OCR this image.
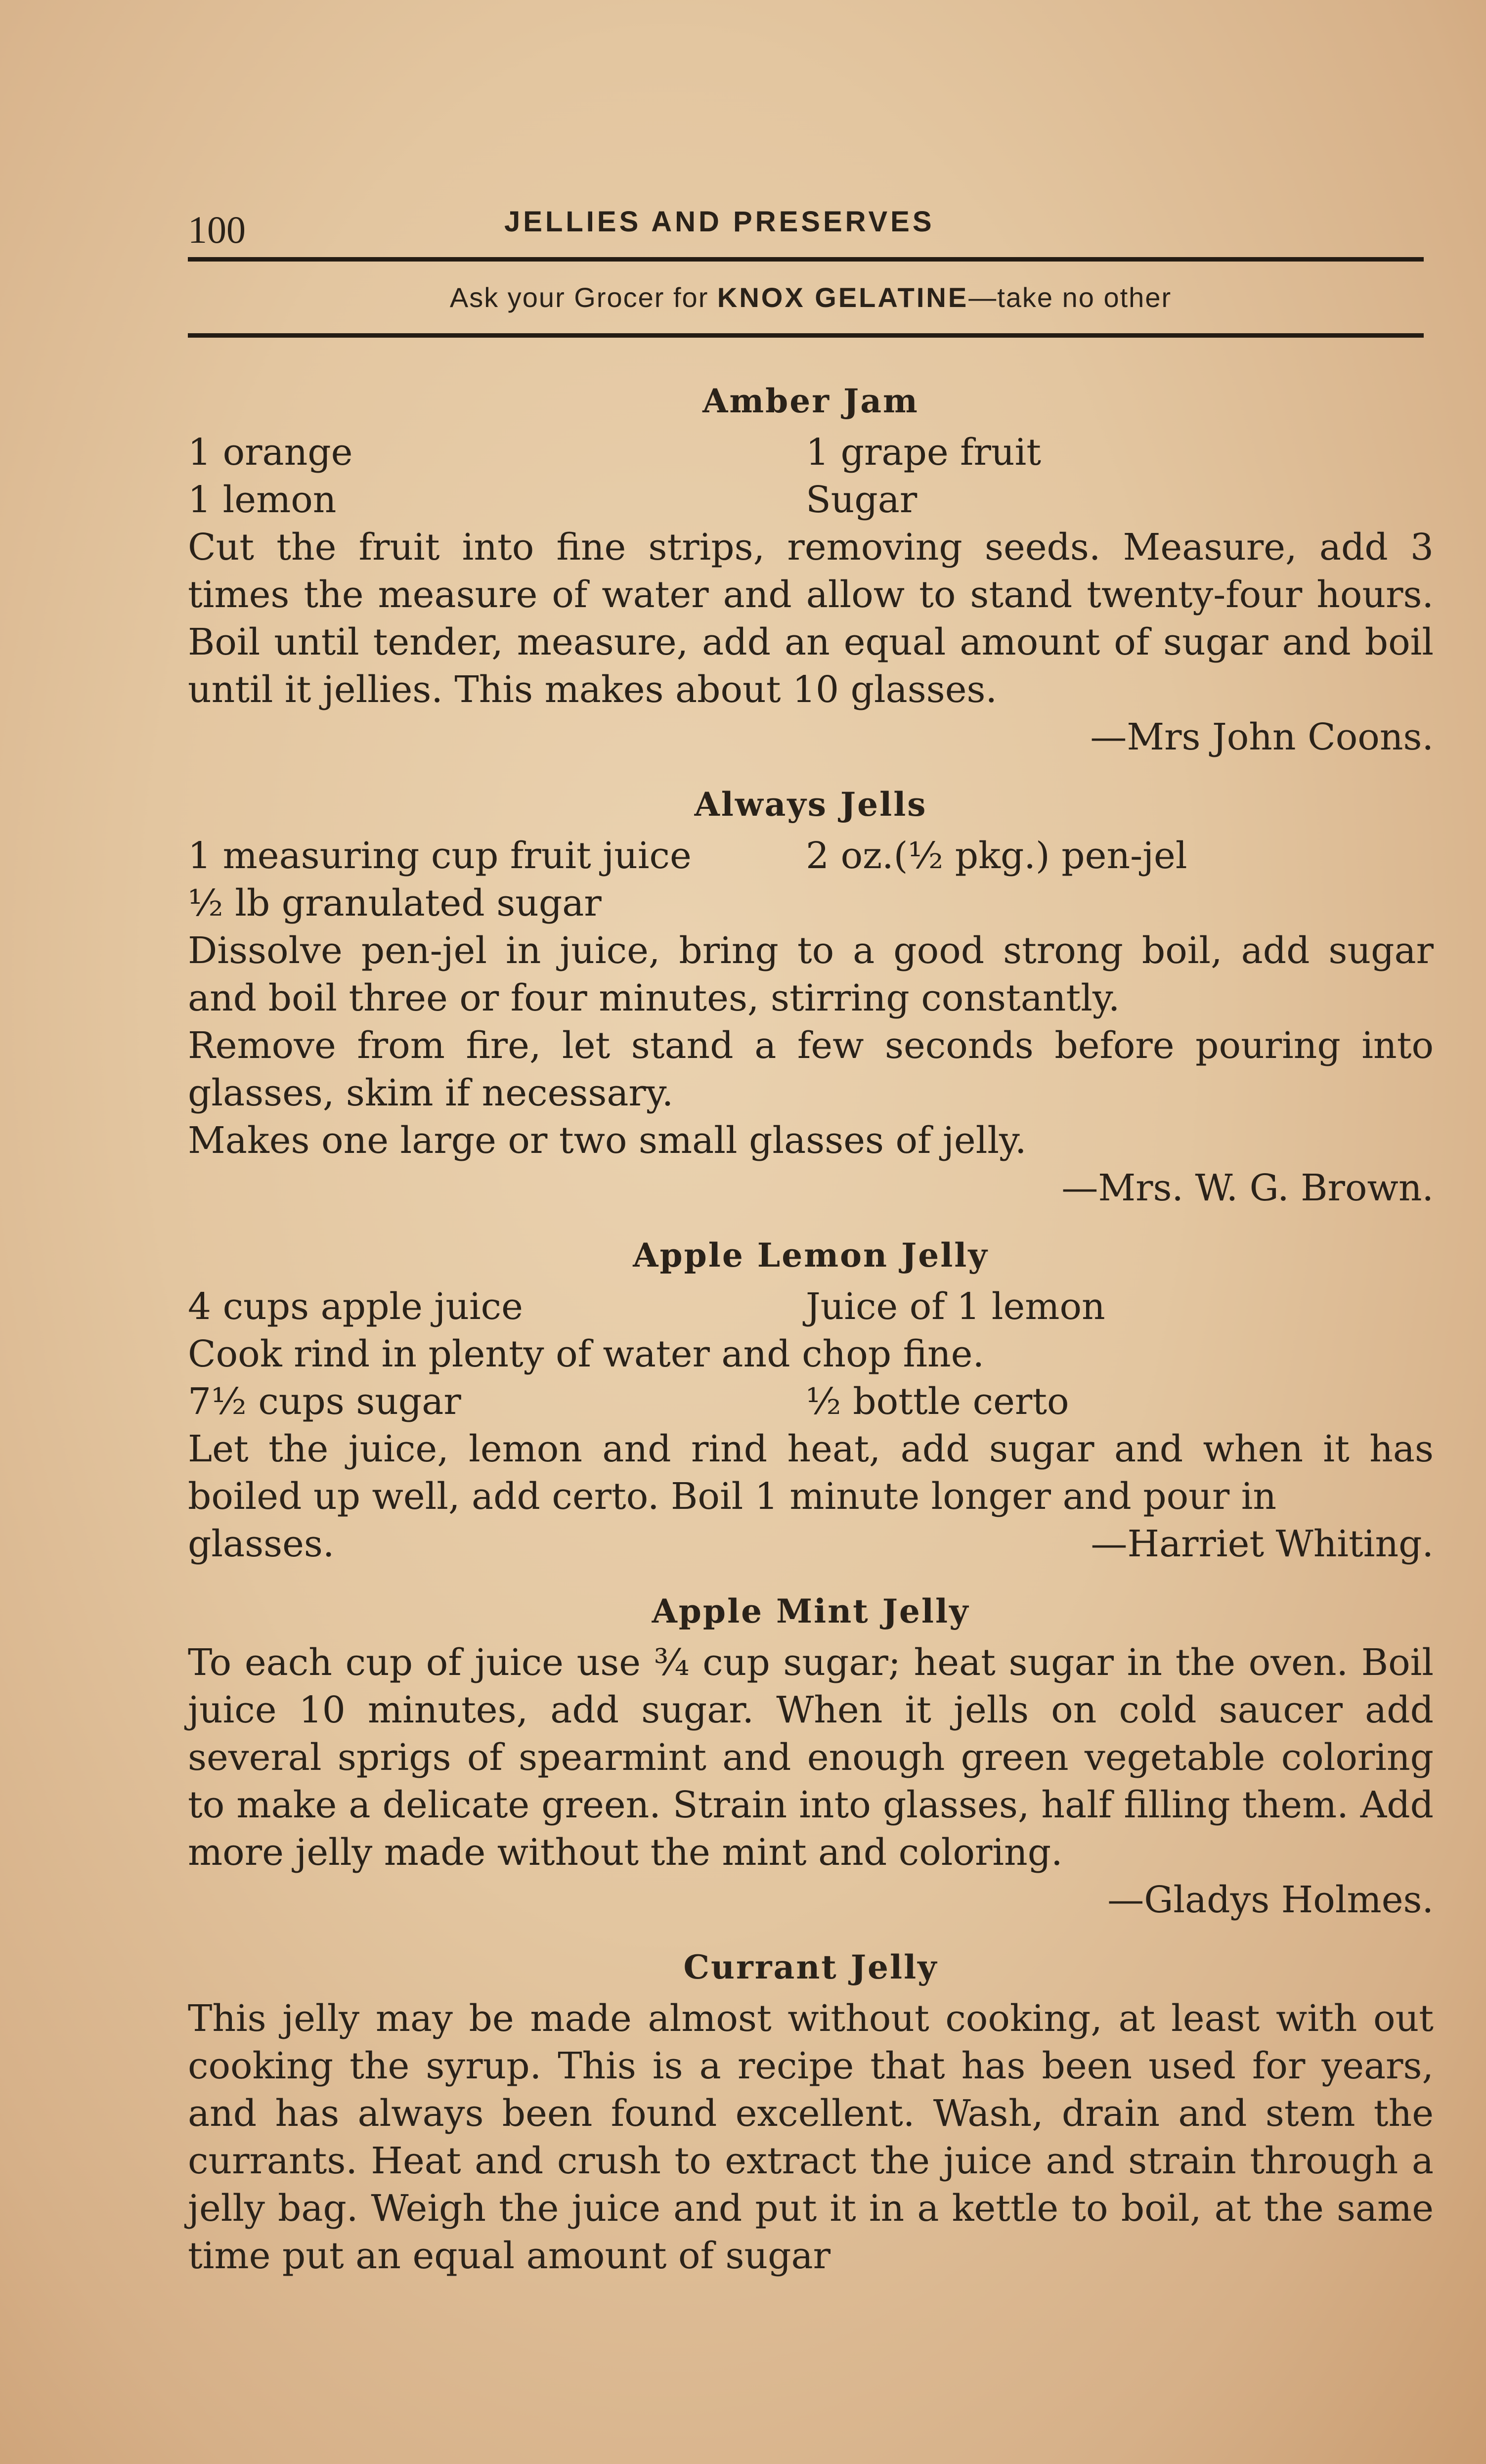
100	JELLIES AND PRESERVES
Ask your Grocer for KNOX GELATINE—take no other
Amber Jam
1 orange	1 grape fruit
1 lemon	Sugar

Cut the fruit into fine strips, removing seeds. Measure, add 3 times the measure of water and allow to stand twenty-four hours. Boil until tender, measure, add an equal amount of sugar and boil until it jellies. This makes about 10 glasses.

—Mrs John Coons.

Always Jells
1 measuring cup fruit juice	2 oz.(½ pkg.) pen-jel
½ lb granulated sugar

Dissolve pen-jel in juice, bring to a good strong boil, add sugar and boil three or four minutes, stirring constantly.

Remove from fire, let stand a few seconds before pouring into glasses, skim if necessary.

Makes one large or two small glasses of jelly.

—Mrs. W. G. Brown.

Apple Lemon Jelly
4 cups apple juice	Juice of 1 lemon

Cook rind in plenty of water and chop fine.

7½ cups sugar	½ bottle certo

Let the juice, lemon and rind heat, add sugar and when it has boiled up well, add certo. Boil 1 minute longer and pour in

glasses.	—Harriet Whiting.
Apple Mint Jelly

To each cup of juice use ¾ cup sugar; heat sugar in the oven. Boil juice 10 minutes, add sugar. When it jells on cold saucer add several sprigs of spearmint and enough green vegetable coloring to make a delicate green. Strain into glasses, half filling them. Add more jelly made without the mint and coloring.

—Gladys Holmes.

Currant Jelly

This jelly may be made almost without cooking, at least with out cooking the syrup. This is a recipe that has been used for years, and has always been found excellent. Wash, drain and stem the currants. Heat and crush to extract the juice and strain through a jelly bag. Weigh the juice and put it in a kettle to boil, at the same time put an equal amount of sugar
